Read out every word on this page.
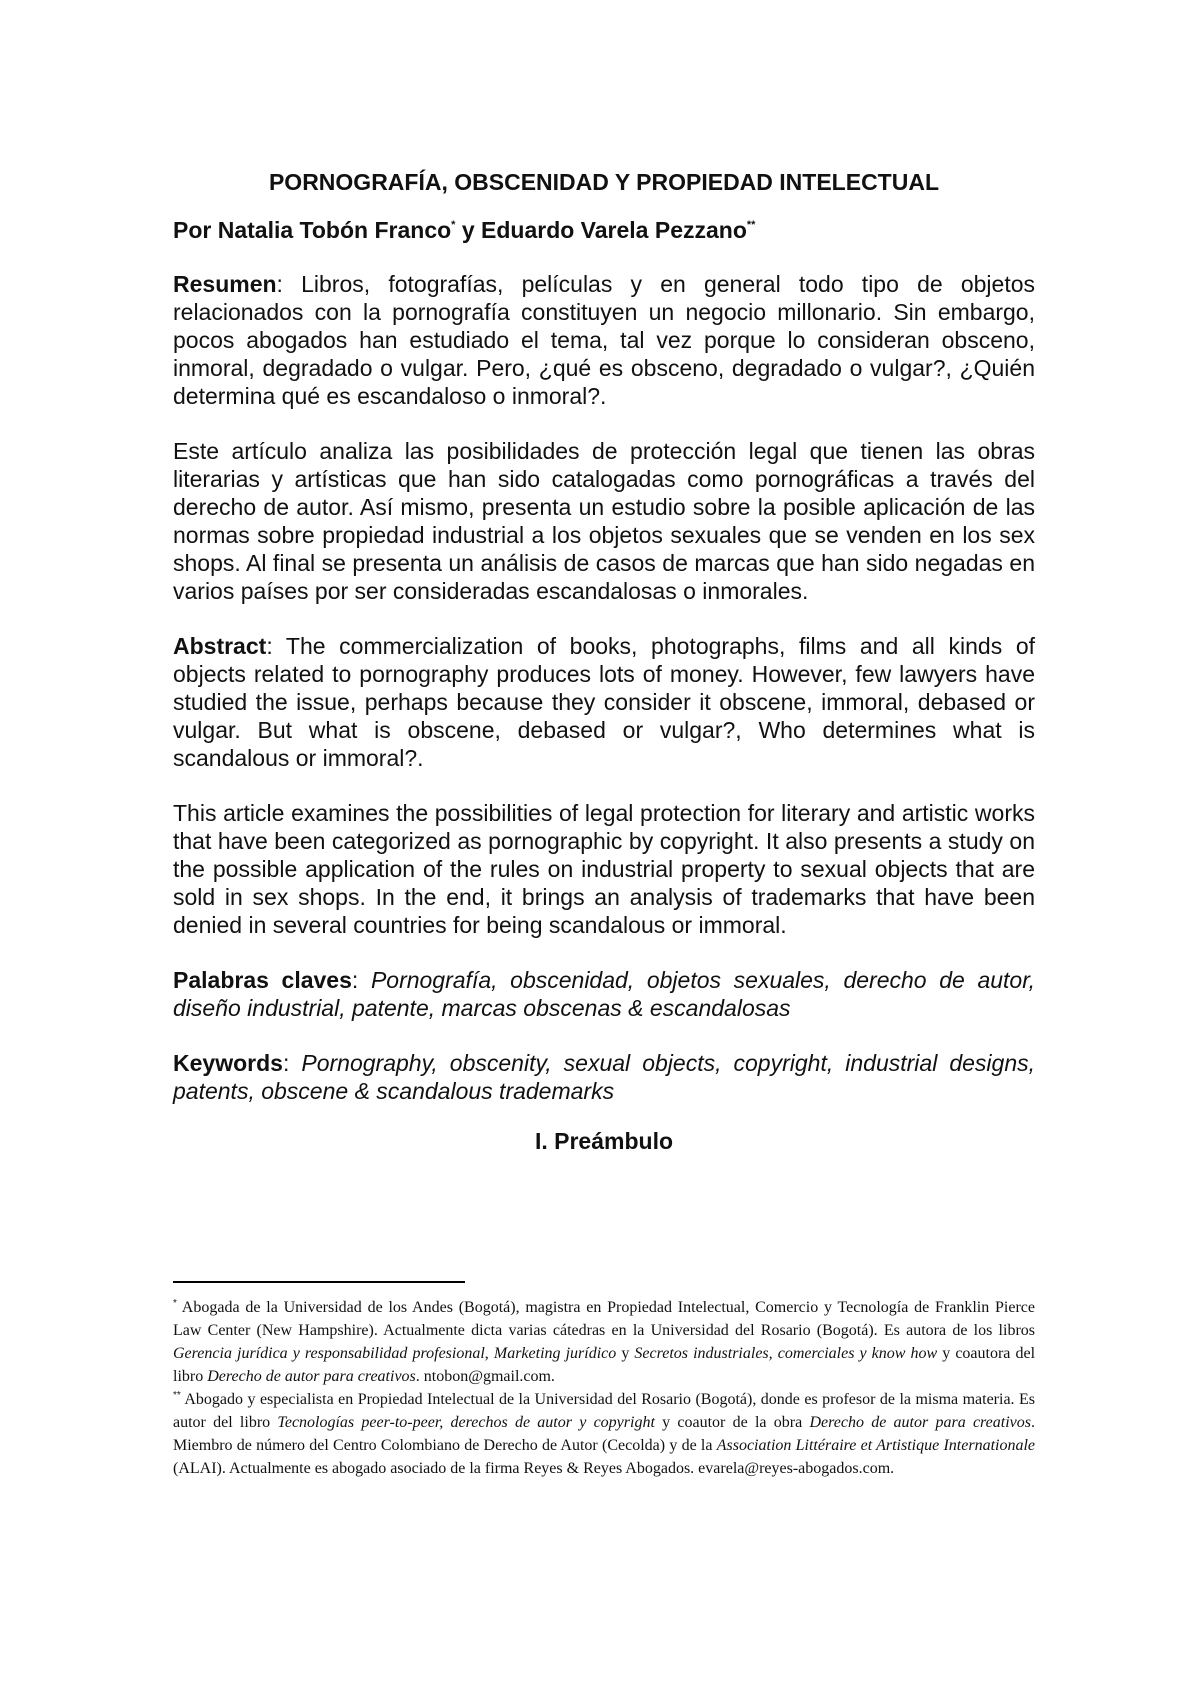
PORNOGRAFÍA, OBSCENIDAD Y PROPIEDAD INTELECTUAL
Por Natalia Tobón Franco* y Eduardo Varela Pezzano**

Resumen: Libros, fotografías, películas y en general todo tipo de objetos relacionados con la pornografía constituyen un negocio millonario. Sin embargo, pocos abogados han estudiado el tema, tal vez porque lo consideran obsceno, inmoral, degradado o vulgar. Pero, ¿qué es obsceno, degradado o vulgar?, ¿Quién determina qué es escandaloso o inmoral?.

Este artículo analiza las posibilidades de protección legal que tienen las obras literarias y artísticas que han sido catalogadas como pornográficas a través del derecho de autor. Así mismo, presenta un estudio sobre la posible aplicación de las normas sobre propiedad industrial a los objetos sexuales que se venden en los sex shops. Al final se presenta un análisis de casos de marcas que han sido negadas en varios países por ser consideradas escandalosas o inmorales.

Abstract: The commercialization of books, photographs, films and all kinds of objects related to pornography produces lots of money. However, few lawyers have studied the issue, perhaps because they consider it obscene, immoral, debased or vulgar. But what is obscene, debased or vulgar?, Who determines what is scandalous or immoral?.

This article examines the possibilities of legal protection for literary and artistic works that have been categorized as pornographic by copyright. It also presents a study on the possible application of the rules on industrial property to sexual objects that are sold in sex shops. In the end, it brings an analysis of trademarks that have been denied in several countries for being scandalous or immoral.

Palabras claves: Pornografía, obscenidad, objetos sexuales, derecho de autor, diseño industrial, patente, marcas obscenas & escandalosas

Keywords: Pornography, obscenity, sexual objects, copyright, industrial designs, patents, obscene & scandalous trademarks

I. Preámbulo

* Abogada de la Universidad de los Andes (Bogotá), magistra en Propiedad Intelectual, Comercio y Tecnología de Franklin Pierce Law Center (New Hampshire). Actualmente dicta varias cátedras en la Universidad del Rosario (Bogotá). Es autora de los libros Gerencia jurídica y responsabilidad profesional, Marketing jurídico y Secretos industriales, comerciales y know how y coautora del libro Derecho de autor para creativos. ntobon@gmail.com.

** Abogado y especialista en Propiedad Intelectual de la Universidad del Rosario (Bogotá), donde es profesor de la misma materia. Es autor del libro Tecnologías peer-to-peer, derechos de autor y copyright y coautor de la obra Derecho de autor para creativos. Miembro de número del Centro Colombiano de Derecho de Autor (Cecolda) y de la Association Littéraire et Artistique Internationale (ALAI). Actualmente es abogado asociado de la firma Reyes & Reyes Abogados. evarela@reyes-abogados.com.
